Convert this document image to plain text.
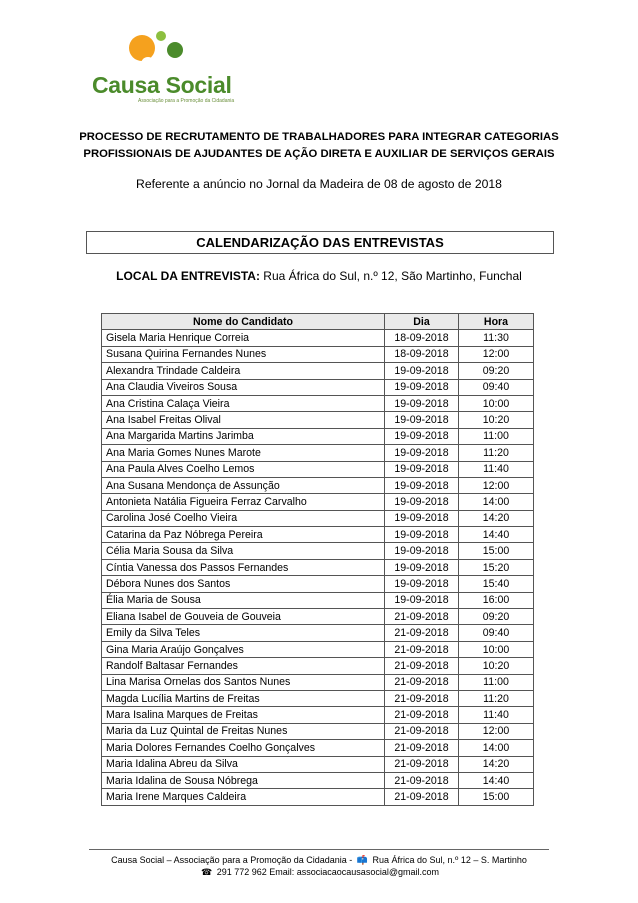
Causa Social
Associação para a Promoção da Cidadania
PROCESSO DE RECRUTAMENTO DE TRABALHADORES PARA INTEGRAR CATEGORIAS
PROFISSIONAIS DE AJUDANTES DE AÇÃO DIRETA E AUXILIAR DE SERVIÇOS GERAIS
Referente a anúncio no Jornal da Madeira de 08 de agosto de 2018
CALENDARIZAÇÃO DAS ENTREVISTAS
LOCAL DA ENTREVISTA: Rua África do Sul, n.º 12, São Martinho, Funchal
Nome do Candidato	Dia	Hora
Gisela Maria Henrique Correia	18-09-2018	11:30
Susana Quirina Fernandes Nunes	18-09-2018	12:00
Alexandra Trindade Caldeira	19-09-2018	09:20
Ana Claudia Viveiros Sousa	19-09-2018	09:40
Ana Cristina Calaça Vieira	19-09-2018	10:00
Ana Isabel Freitas Olival	19-09-2018	10:20
Ana Margarida Martins Jarimba	19-09-2018	11:00
Ana Maria Gomes Nunes Marote	19-09-2018	11:20
Ana Paula Alves Coelho Lemos	19-09-2018	11:40
Ana Susana Mendonça de Assunção	19-09-2018	12:00
Antonieta Natália Figueira Ferraz Carvalho	19-09-2018	14:00
Carolina José Coelho Vieira	19-09-2018	14:20
Catarina da Paz Nóbrega Pereira	19-09-2018	14:40
Célia Maria Sousa da Silva	19-09-2018	15:00
Cíntia Vanessa dos Passos Fernandes	19-09-2018	15:20
Débora Nunes dos Santos	19-09-2018	15:40
Élia Maria de Sousa	19-09-2018	16:00
Eliana Isabel de Gouveia de Gouveia	21-09-2018	09:20
Emily da Silva Teles	21-09-2018	09:40
Gina Maria Araújo Gonçalves	21-09-2018	10:00
Randolf Baltasar Fernandes	21-09-2018	10:20
Lina Marisa Ornelas dos Santos Nunes	21-09-2018	11:00
Magda Lucília Martins de Freitas	21-09-2018	11:20
Mara Isalina Marques de Freitas	21-09-2018	11:40
Maria da Luz Quintal de Freitas Nunes	21-09-2018	12:00
Maria Dolores Fernandes Coelho Gonçalves	21-09-2018	14:00
Maria Idalina Abreu da Silva	21-09-2018	14:20
Maria Idalina de Sousa Nóbrega	21-09-2018	14:40
Maria Irene Marques Caldeira	21-09-2018	15:00
Causa Social – Associação para a Promoção da Cidadania - 📫 Rua África do Sul, n.º 12 – S. Martinho
☎ 291 772 962 Email: associacaocausasocial@gmail.com
